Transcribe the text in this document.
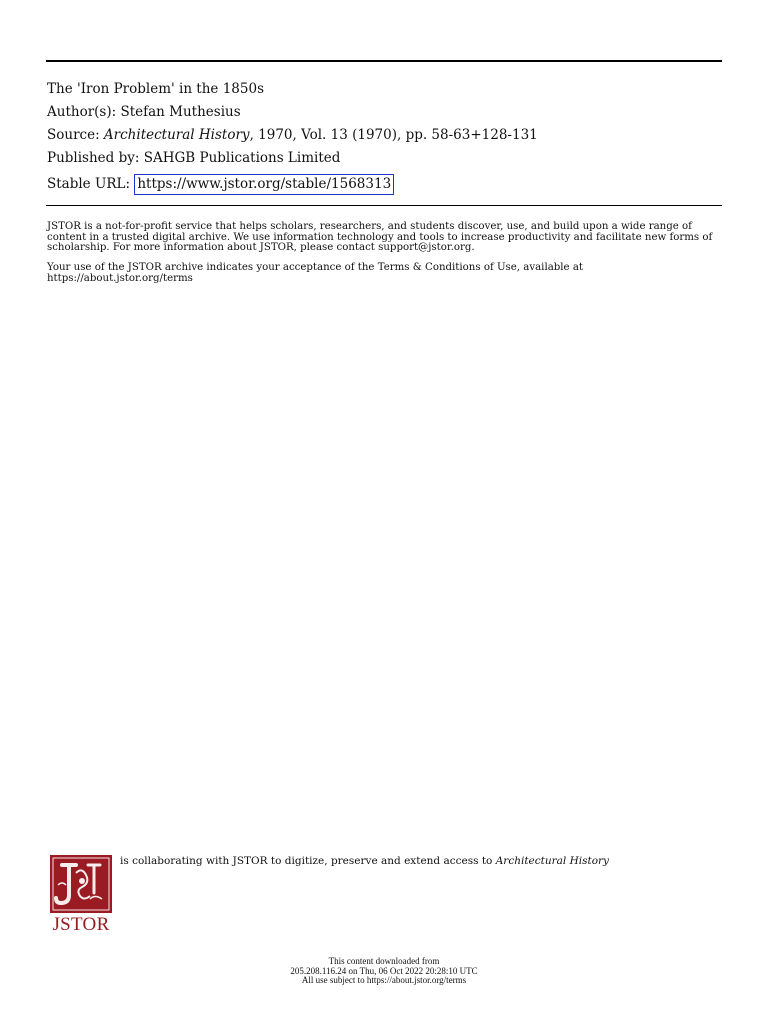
The 'Iron Problem' in the 1850s
Author(s): Stefan Muthesius
Source: Architectural History, 1970, Vol. 13 (1970), pp. 58-63+128-131
Published by: SAHGB Publications Limited
Stable URL: https://www.jstor.org/stable/1568313

JSTOR is a not-for-profit service that helps scholars, researchers, and students discover, use, and build upon a wide range of content in a trusted digital archive. We use information technology and tools to increase productivity and facilitate new forms of scholarship. For more information about JSTOR, please contact support@jstor.org.

Your use of the JSTOR archive indicates your acceptance of the Terms & Conditions of Use, available at https://about.jstor.org/terms

JSTOR
is collaborating with JSTOR to digitize, preserve and extend access to Architectural History
This content downloaded from
205.208.116.24 on Thu, 06 Oct 2022 20:28:10 UTC
All use subject to https://about.jstor.org/terms
